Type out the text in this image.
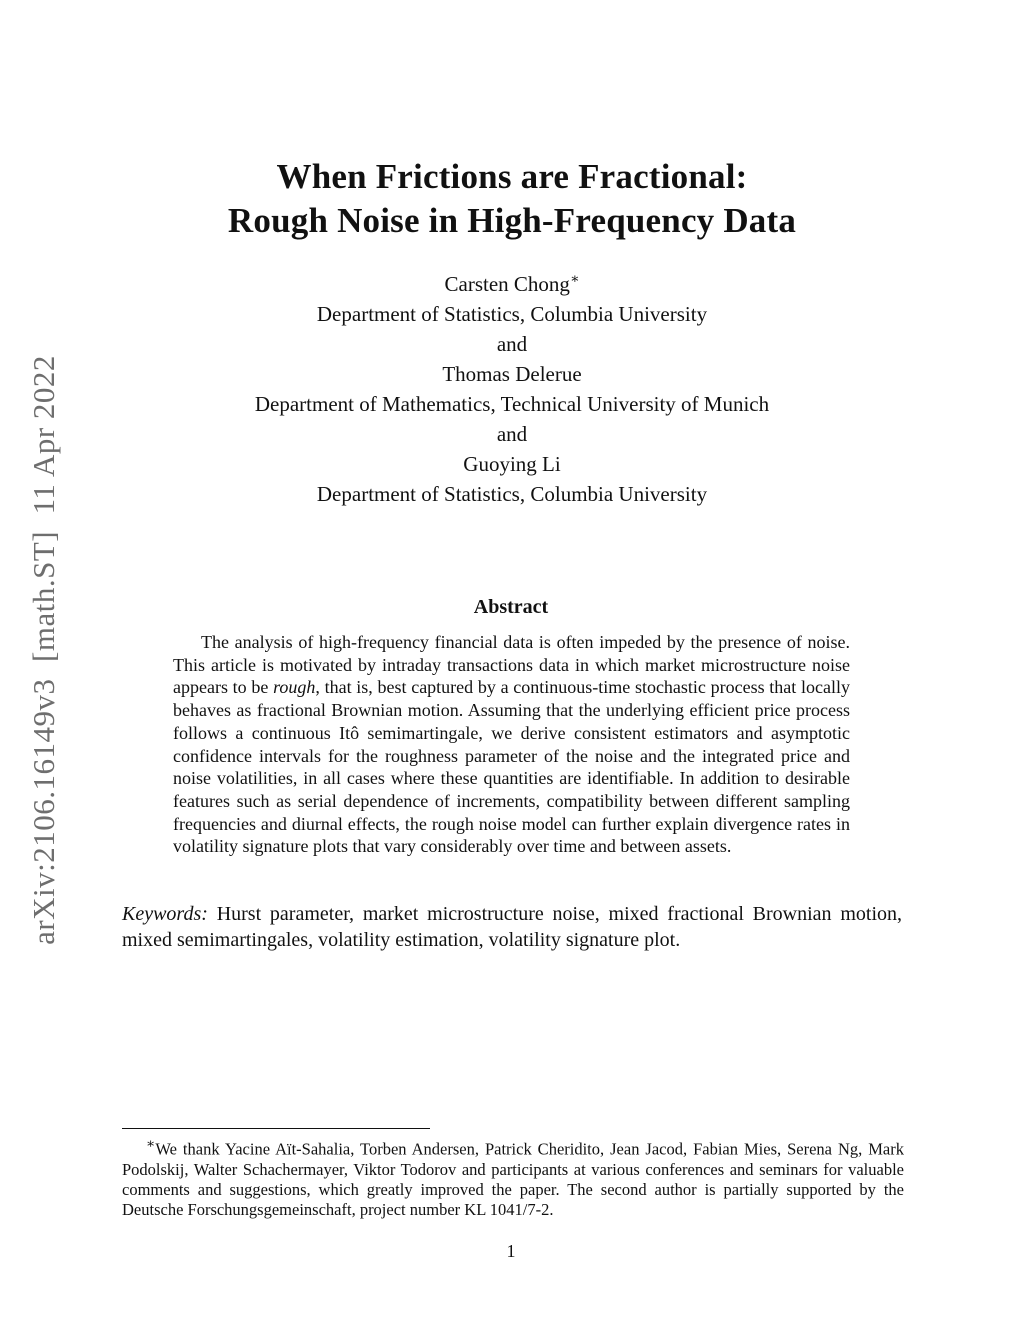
arXiv:2106.16149v3  [math.ST]  11 Apr 2022
When Frictions are Fractional:
Rough Noise in High-Frequency Data
Carsten Chong∗
Department of Statistics, Columbia University
and
Thomas Delerue
Department of Mathematics, Technical University of Munich
and
Guoying Li
Department of Statistics, Columbia University
Abstract

The analysis of high-frequency financial data is often impeded by the presence of noise. This article is motivated by intraday transactions data in which market microstructure noise appears to be rough, that is, best captured by a continuous-time stochastic process that locally behaves as fractional Brownian motion. Assuming that the underlying efficient price process follows a continuous Itô semimartingale, we derive consistent estimators and asymptotic confidence intervals for the roughness parameter of the noise and the integrated price and noise volatilities, in all cases where these quantities are identifiable. In addition to desirable features such as serial dependence of increments, compatibility between different sampling frequencies and diurnal effects, the rough noise model can further explain divergence rates in volatility signature plots that vary considerably over time and between assets.

Keywords: Hurst parameter, market microstructure noise, mixed fractional Brownian motion, mixed semimartingales, volatility estimation, volatility signature plot.

∗We thank Yacine Aït-Sahalia, Torben Andersen, Patrick Cheridito, Jean Jacod, Fabian Mies, Serena Ng, Mark Podolskij, Walter Schachermayer, Viktor Todorov and participants at various conferences and seminars for valuable comments and suggestions, which greatly improved the paper. The second author is partially supported by the Deutsche Forschungsgemeinschaft, project number KL 1041/7-2.

1
